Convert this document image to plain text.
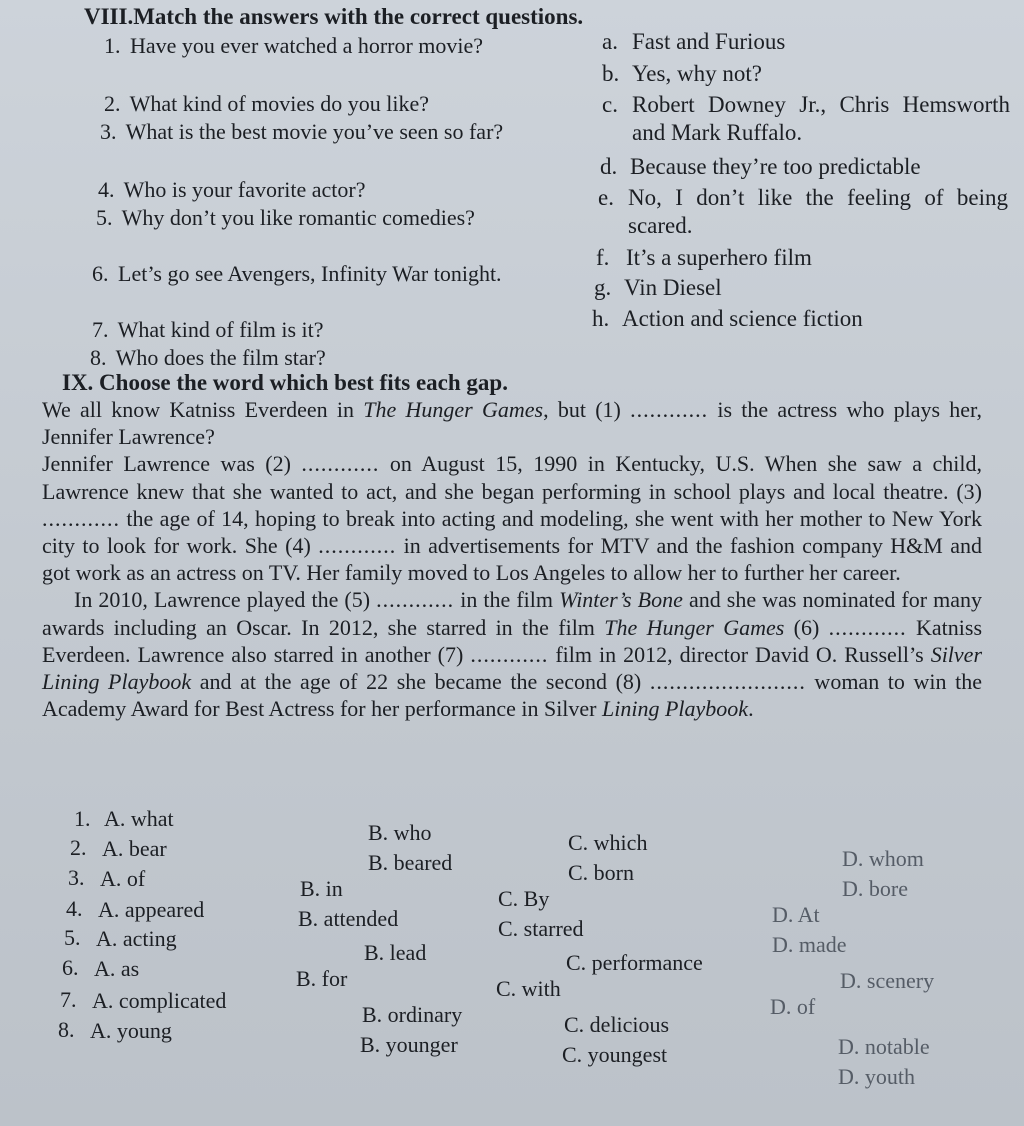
VIII.Match the answers with the correct questions.
1. Have you ever watched a horror movie?
2. What kind of movies do you like?
3. What is the best movie you’ve seen so far?
4. Who is your favorite actor?
5. Why don’t you like romantic comedies?
6. Let’s go see Avengers, Infinity War tonight.
7. What kind of film is it?
8. Who does the film star?
a. Fast and Furious
b. Yes, why not?
c. Robert Downey Jr., Chris Hemsworth and Mark Ruffalo.
d. Because they’re too predictable
e. No, I don’t like the feeling of being scared.
f. It’s a superhero film
g. Vin Diesel
h. Action and science fiction
IX. Choose the word which best fits each gap.

We all know Katniss Everdeen in The Hunger Games, but (1) ............ is the actress who plays her, Jennifer Lawrence?

Jennifer Lawrence was (2) ............ on August 15, 1990 in Kentucky, U.S. When she saw a child, Lawrence knew that she wanted to act, and she began performing in school plays and local theatre. (3) ............ the age of 14, hoping to break into acting and modeling, she went with her mother to New York city to look for work. She (4) ............ in advertisements for MTV and the fashion company H&M and got work as an actress on TV. Her family moved to Los Angeles to allow her to further her career.

In 2010, Lawrence played the (5) ............ in the film Winter’s Bone and she was nominated for many awards including an Oscar. In 2012, she starred in the film The Hunger Games (6) ............ Katniss Everdeen. Lawrence also starred in another (7) ............ film in 2012, director David O. Russell’s Silver Lining Playbook and at the age of 22 she became the second (8) ........................ woman to win the Academy Award for Best Actress for her performance in Silver Lining Playbook.

1. A. what
B. who	C. which
D. whom
2. A. bear
B. beared	C. born
D. bore
3. A. of	B. in	C. By
D. At
4. A. appeared	B. attended	C. starred
D. made
5. A. acting
B. lead	C. performance
D. scenery
6. A. as	B. for	C. with
D. of
7. A. complicated
B. ordinary	C. delicious
D. notable
8. A. young
B. younger	C. youngest
D. youth
